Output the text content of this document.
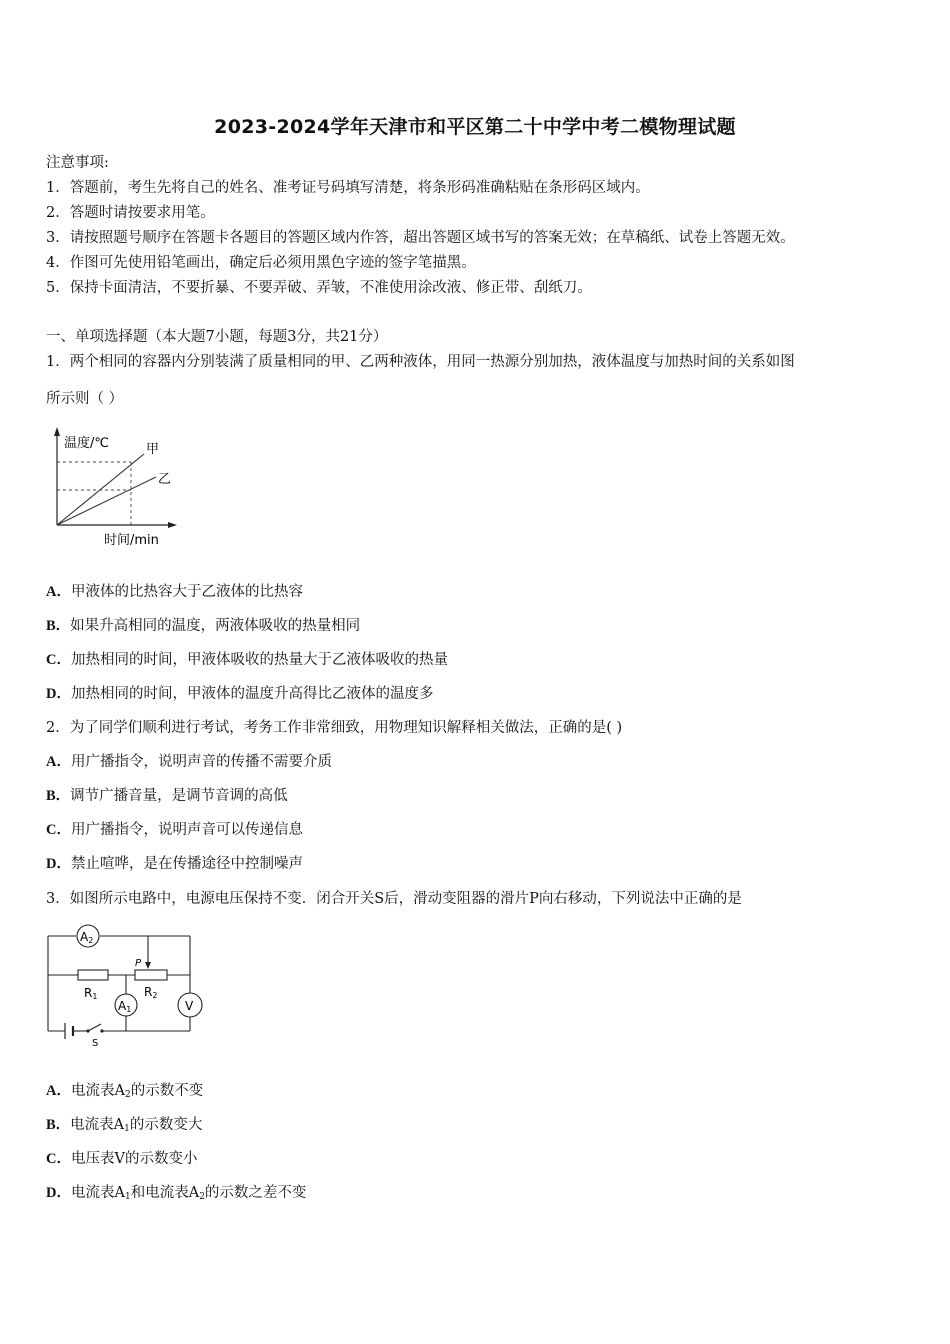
2023-2024学年天津市和平区第二十中学中考二模物理试题
注意事项:
1．答题前，考生先将自己的姓名、准考证号码填写清楚，将条形码准确粘贴在条形码区域内。
2．答题时请按要求用笔。
3．请按照题号顺序在答题卡各题目的答题区域内作答，超出答题区域书写的答案无效；在草稿纸、试卷上答题无效。
4．作图可先使用铅笔画出，确定后必须用黑色字迹的签字笔描黑。
5．保持卡面清洁，不要折暴、不要弄破、弄皱，不准使用涂改液、修正带、刮纸刀。
一、单项选择题（本大题7小题，每题3分，共21分）
1．两个相同的容器内分别装满了质量相同的甲、乙两种液体，用同一热源分别加热，液体温度与加热时间的关系如图
所示则（ ）
温度/℃
时间/min
甲
乙
A．甲液体的比热容大于乙液体的比热容
B．如果升高相同的温度，两液体吸收的热量相同
C．加热相同的时间，甲液体吸收的热量大于乙液体吸收的热量
D．加热相同的时间，甲液体的温度升高得比乙液体的温度多
2．为了同学们顺利进行考试，考务工作非常细致，用物理知识解释相关做法，正确的是( )
A．用广播指令，说明声音的传播不需要介质
B．调节广播音量，是调节音调的高低
C．用广播指令，说明声音可以传递信息
D．禁止喧哗，是在传播途径中控制噪声
3．如图所示电路中，电源电压保持不变．闭合开关S后，滑动变阻器的滑片P向右移动，下列说法中正确的是
A2
A1	V
R1	R2
P
S
A．电流表$A_2$的示数不变
B．电流表$A_1$的示数变大
C．电压表V的示数变小
D．电流表$A_1$和电流表$A_2$的示数之差不变
